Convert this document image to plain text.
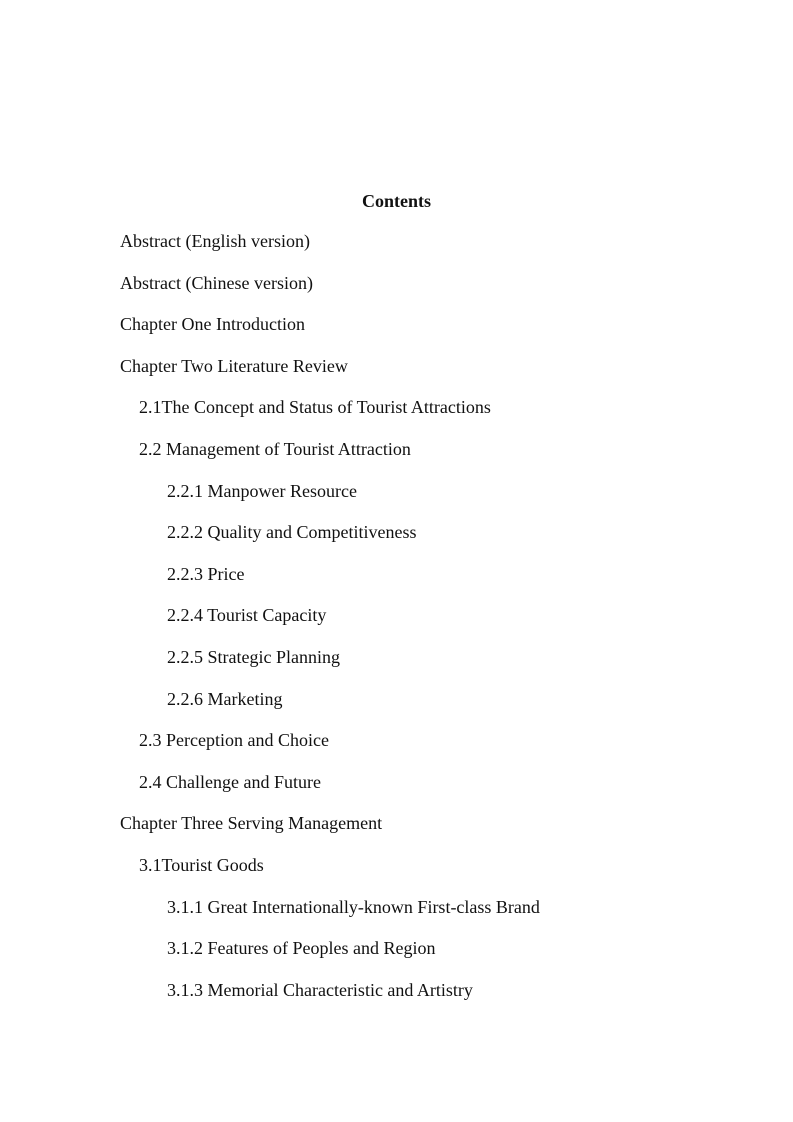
Contents
Abstract (English version)
Abstract (Chinese version)
Chapter One Introduction
Chapter Two Literature Review
2.1The Concept and Status of Tourist Attractions
2.2 Management of Tourist Attraction
2.2.1 Manpower Resource
2.2.2 Quality and Competitiveness
2.2.3 Price
2.2.4 Tourist Capacity
2.2.5 Strategic Planning
2.2.6 Marketing
2.3 Perception and Choice
2.4 Challenge and Future
Chapter Three Serving Management
3.1Tourist Goods
3.1.1 Great Internationally-known First-class Brand
3.1.2 Features of Peoples and Region
3.1.3 Memorial Characteristic and Artistry
